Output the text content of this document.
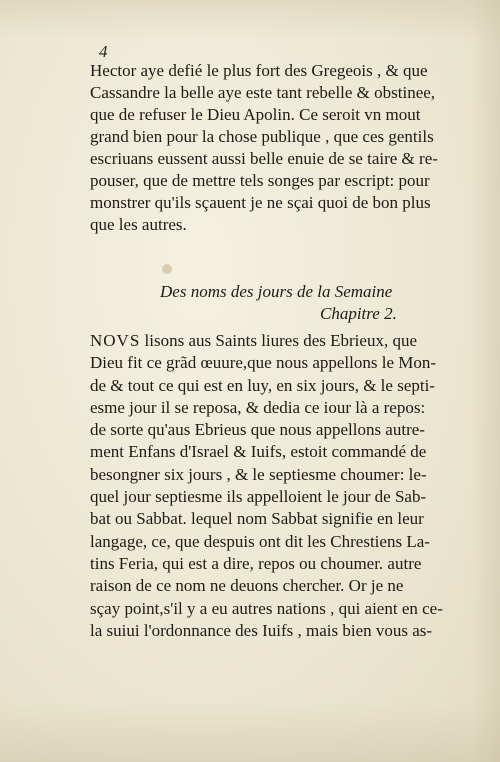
4
Hector aye defié le plus fort des Gregeois , & que
Cassandre la belle aye este tant rebelle & obstinee,
que de refuser le Dieu Apolin. Ce seroit vn mout
grand bien pour la chose publique , que ces gentils
escriuans eussent aussi belle enuie de se taire & re-
pouser, que de mettre tels songes par escript: pour
monstrer qu'ils sçauent je ne sçai quoi de bon plus
que les autres.
Des noms des jours de la Semaine
Chapitre 2.
NOVS lisons aus Saints liures des Ebrieux, que
Dieu fit ce grãd œuure,que nous appellons le Mon-
de & tout ce qui est en luy, en six jours, & le septi-
esme jour il se reposa, & dedia ce iour là a repos:
de sorte qu'aus Ebrieus que nous appellons autre-
ment Enfans d'Israel & Iuifs, estoit commandé de
besongner six jours , & le septiesme choumer: le-
quel jour septiesme ils appelloient le jour de Sab-
bat ou Sabbat. lequel nom Sabbat signifie en leur
langage, ce, que despuis ont dit les Chrestiens La-
tins Feria, qui est a dire, repos ou choumer. autre
raison de ce nom ne deuons chercher. Or je ne
sçay point,s'il y a eu autres nations , qui aient en ce-
la suiui l'ordonnance des Iuifs , mais bien vous as-
